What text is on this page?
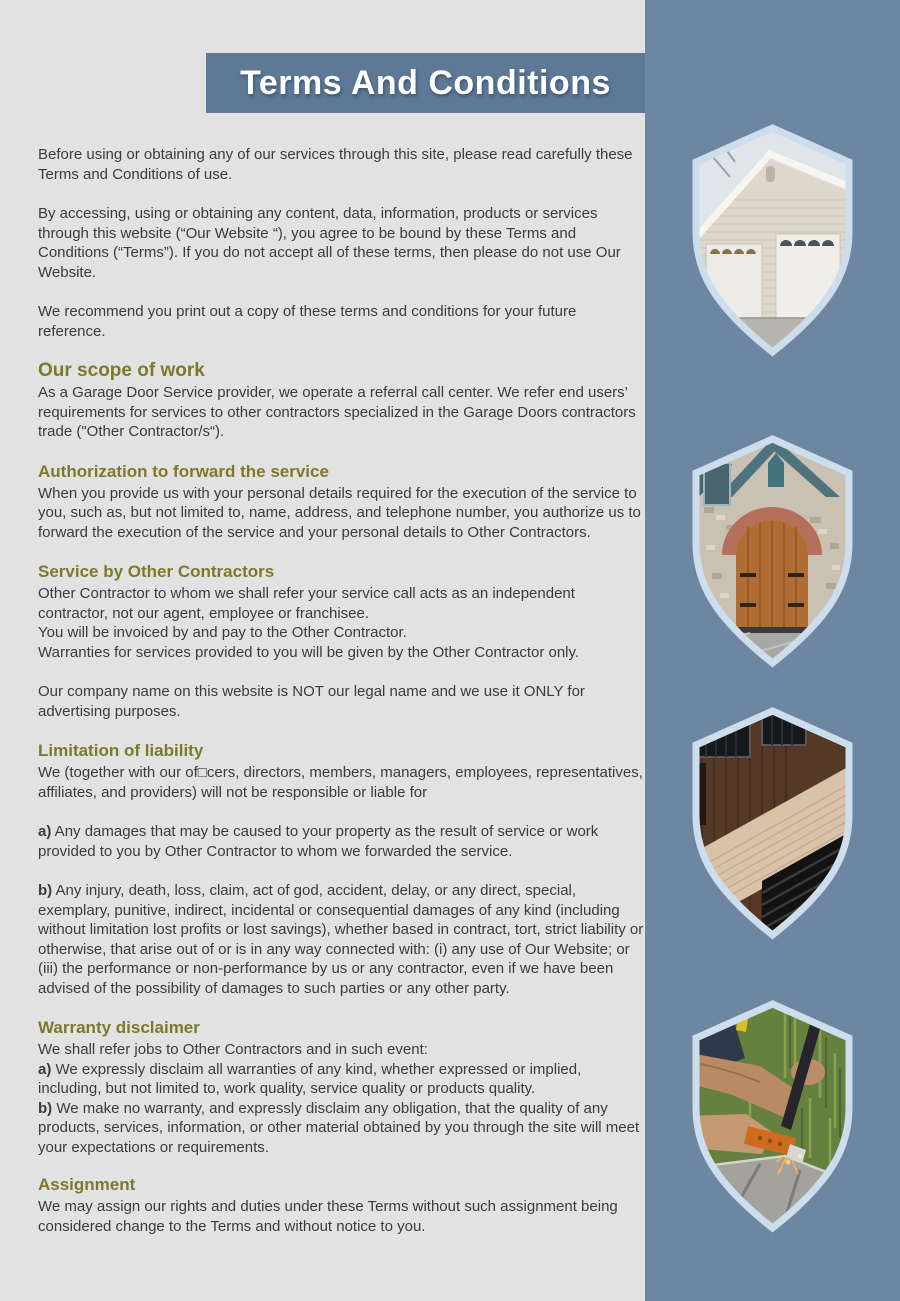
Terms And Conditions

Before using or obtaining any of our services through this site, please read carefully these Terms and Conditions of use.

By accessing, using or obtaining any content, data, information, products or services through this website (“Our Website “), you agree to be bound by these Terms and Conditions (“Terms”). If you do not accept all of these terms, then please do not use Our Website.

We recommend you print out a copy of these terms and conditions for your future reference.

Our scope of work

As a Garage Door Service provider, we operate a referral call center. We refer end users’ requirements for services to other contractors specialized in the Garage Doors contractors trade ("Other Contractor/s“).

Authorization to forward the service

When you provide us with your personal details required for the execution of the service to you, such as, but not limited to, name, address, and telephone number, you authorize us to forward the execution of the service and your personal details to Other Contractors.

Service by Other Contractors

Other Contractor to whom we shall refer your service call acts as an independent contractor, not our agent, employee or franchisee.

You will be invoiced by and pay to the Other Contractor.

Warranties for services provided to you will be given by the Other Contractor only.

Our company name on this website is NOT our legal name and we use it ONLY for advertising purposes.

Limitation of liability

We (together with our of□cers, directors, members, managers, employees, representatives, affiliates, and providers) will not be responsible or liable for

a) Any damages that may be caused to your property as the result of service or work provided to you by Other Contractor to whom we forwarded the service.

b) Any injury, death, loss, claim, act of god, accident, delay, or any direct, special, exemplary, punitive, indirect, incidental or consequential damages of any kind (including without limitation lost profits or lost savings), whether based in contract, tort, strict liability or otherwise, that arise out of or is in any way connected with: (i) any use of Our Website; or (iii) the performance or non-performance by us or any contractor, even if we have been advised of the possibility of damages to such parties or any other party.

Warranty disclaimer

We shall refer jobs to Other Contractors and in such event:

a) We expressly disclaim all warranties of any kind, whether expressed or implied, including, but not limited to, work quality, service quality or products quality.

b) We make no warranty, and expressly disclaim any obligation, that the quality of any products, services, information, or other material obtained by you through the site will meet your expectations or requirements.

Assignment

We may assign our rights and duties under these Terms without such assignment being considered change to the Terms and without notice to you.
